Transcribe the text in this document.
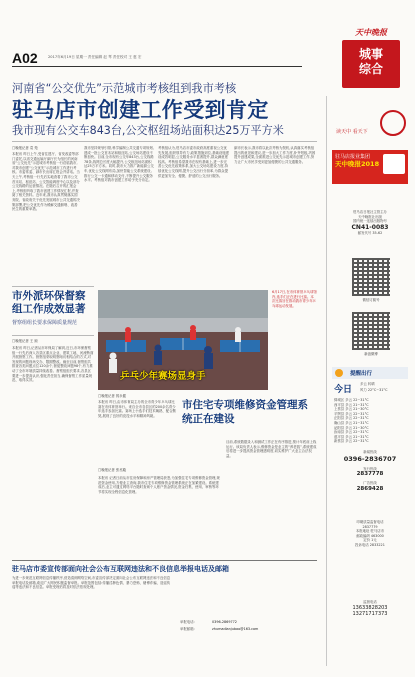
A02	2017年6月19日 星期一 责任编辑 赵 琴 责任校对 王 惠 宏
天中晚报
城事
综合
河南省“公交优先”示范城市考核组到我市考核
驻马店市创建工作受到肯定
我市现有公交车843台,公交枢纽场站面积达25万平方米
□晚报记者 袁 苑
本报讯 昨日上午,受省住建厅、省发改委等部门委托,以省交通运输厅副厅长为组长的河南省“公交优先”示范城市考核组一行莅临我市,对我市创建“公交优先”示范城市工作进行考核。市委常委、副市长出席汇报会并讲话。当天上午,考核组一行先后实地查看了我市公交首末站、枢纽站、公交智能调度中心以及部分公交线路的运营情况。在随后召开的汇报会上,考核组听取了我市创建工作情况汇报,并查阅了相关资料。近年来,我市认真贯彻落实国务院、省政府关于优先发展城市公共交通的决策部署,把公交优先作为缓解交通拥堵、改善民生的重要举措。
我市坚持规划引领,科学编制公共交通专项规划,建成一批公交首末站和枢纽站,公交场站建设不断加快。目前,全市现有公交车843台,公交线路78条,线网总长度大幅提升,公交枢纽场站面积达25万平方米。同时,我市大力推广新能源公交车,优化公交线网布局,加快智能公交系统建设,推行公交一卡通和移动支付,不断提升公交服务水平。考核组对我市创建工作给予充分肯定。
考核组认为,驻马店市委市政府高度重视公交优先发展,组织领导有力,政策措施到位,基础设施建设成效明显,公交服务水平显著提升,群众满意度较高。考核组希望我市在现有基础上,进一步完善公交优先政策体系,加大公交场站建设力度,持续优化公交线网,提升公交出行分担率,为群众提供更加安全、便捷、舒适的公交出行服务。
副市长表示,我市将以此次考核为契机,认真落实考核组提出的意见和建议,进一步加大工作力度,补齐短板,巩固提升创建成果,全面推进公交优先示范城市创建工作,努力让广大市民享受到更加便捷的公共交通服务。
市外派环保督察组工作成效显著
督察组组长要求保障质量规范
□晚报记者 王 琼
本报讯 昨日,记者从市环保局了解到,近日,市环保督察组一行先后深入各县区重点企业、建筑工地、河流断面开展督察工作。督察组采取明察暗访相结合的方式,对发现的问题现场交办、限期整改。截至目前,督察组共排查各类问题点位120余个,督促整改问题98个,有力推动了全市环境质量持续改善。督察组组长要求,各县区要进一步提高认识,强化责任担当,确保督察工作质量规范、取得实效。	乒乓少年赛场显身手
6月17日,在市体育馆乒乓球馆内,选手们正在进行比赛。本次比赛旨在推动我市青少年乒乓球运动发展。
□晚报记者 郭永健
本报讯 昨日,由市体育局主办的全市青少年乒乓球比赛在市体育馆举行。来自全市各县区的200余名青少年选手参加比赛。赛场上小选手们技术娴熟、配合默契,展现了良好的竞技水平和精神风貌。
市住宅专项维修资金管理系统正在建设
□晚报记者 张丞璇
本报讯 记者日前从市住房保障和房产管理局获悉,为加强住宅专项维修资金管理,规范资金使用,方便业主查询,我市住宅专项维修资金管理系统正在加紧建设。系统建成后,业主可通过网络平台随时查询个人账户资金情况,资金归集、使用、审核等环节将实现全程信息化管理。
目前,系统数据录入和测试工作正在有序推进,预计年底前上线运行。该局负责人表示,维修资金是业主的“养老钱”,系统建成后将进一步提高资金管理透明度,切实维护广大业主合法权益。
驻马店市委宣传部面向社会公布互联网违法和不良信息举报电话及邮箱
为进一步规范互联网信息传播秩序,营造清朗网络空间,市委宣传部决定面向社会公布互联网违法和不良信息举报电话及邮箱,欢迎广大网民积极监督举报。举报范围包括:传播淫秽色情、暴力恐怖、赌博诈骗、造谣传谣等违法和不良信息。举报受理后将及时依法依规处理。
举报电话:	0396-2869772
举报邮箱:	zhumadianjubao@163.com
读天中 看天下
驻马店报业集团
天中晚报2018
驻马店日报社主管主办
天中晚报社出版
国内统一连续出版物号
CN41-0083
邮发代号 35-62
微信订阅号
新浪微博
提醒出行
今日
多云 转晴
风力 22°C~31°C
驿城区 多云 22~31°C
西平县 多云 21~31°C
上蔡县 多云 21~30°C
平舆县 多云 22~31°C
正阳县 多云 22~31°C
确山县 多云 21~31°C
泌阳县 多云 21~30°C
汝南县 多云 22~31°C
遂平县 多云 21~31°C
新蔡县 多云 22~31°C
新闻热线
0396-2836707
发行热线
2837778
广告热线
2869428
印刷质量监督电话
2837779
本报地址 驻马店市
邮政编码 463000
定价 1元
投诉电话 2833221
监督电话
13633828203
13271717373
